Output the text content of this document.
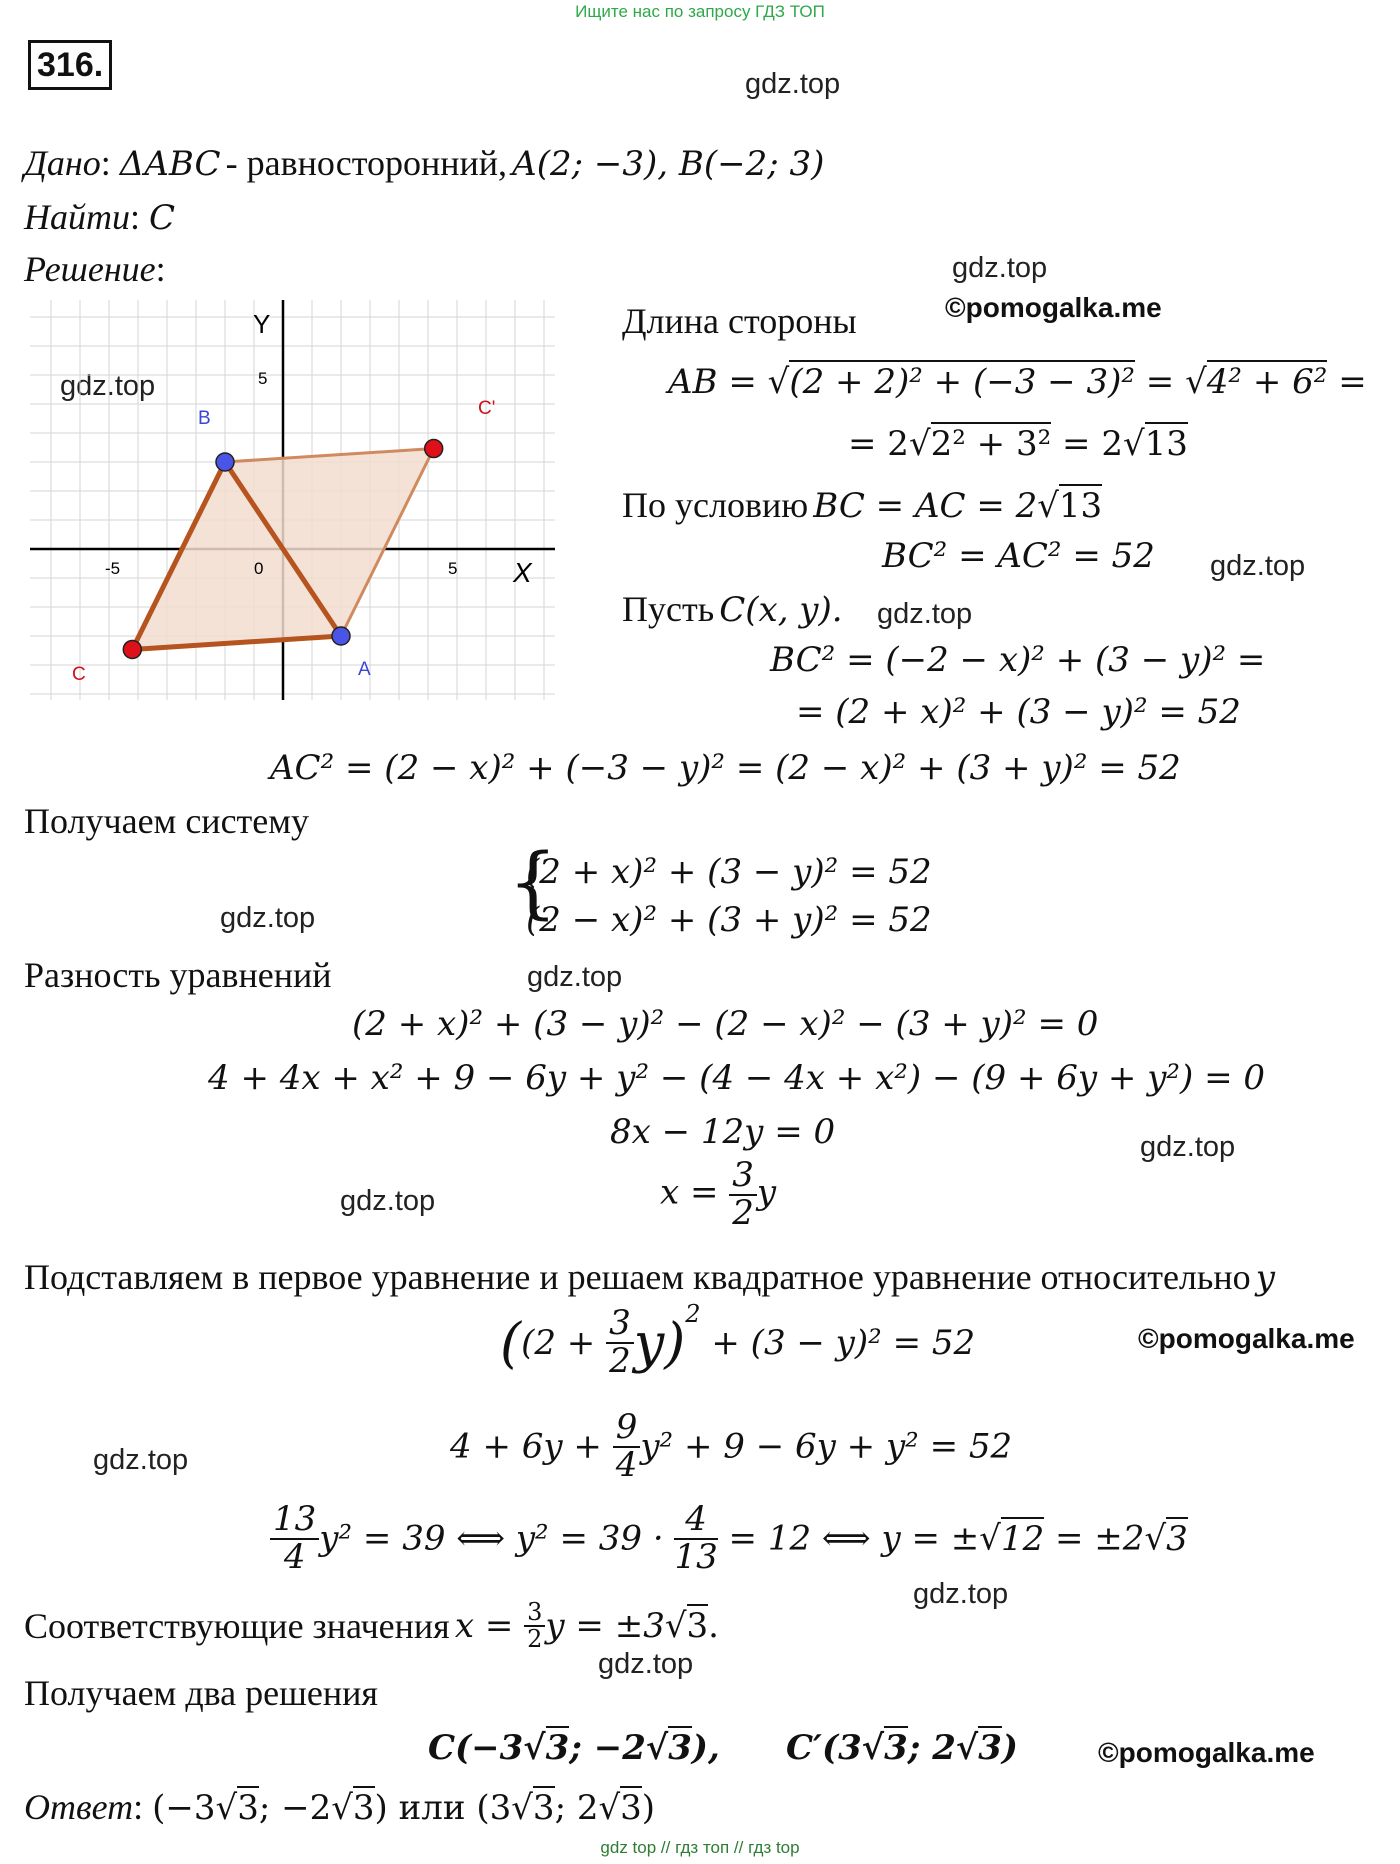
Ищите нас по запросу ГДЗ ТОП
316.	gdz.top
gdz.top
gdz.top
gdz.top
gdz.top
gdz.top
gdz.top
gdz.top
gdz.top
gdz.top
gdz.top
gdz.top
©pomogalka.me
©pomogalka.me
©pomogalka.me
Дано: ΔABC - равносторонний, A(2; −3), B(−2; 3)
Найти: C
Решение:
Y
X
-5	0	5
5
B	C'
C	A
Длина стороны
AB = √(2 + 2)² + (−3 − 3)² = √4² + 6² =
= 2√2² + 3² = 2√13
По условию BC = AC = 2√13
BC² = AC² = 52
Пусть C(x, y).
BC² = (−2 − x)² + (3 − y)² =
= (2 + x)² + (3 − y)² = 52
AC² = (2 − x)² + (−3 − y)² = (2 − x)² + (3 + y)² = 52
Получаем систему
{
(2 + x)² + (3 − y)² = 52
(2 − x)² + (3 + y)² = 52
Разность уравнений
(2 + x)² + (3 − y)² − (2 − x)² − (3 + y)² = 0
4 + 4x + x² + 9 − 6y + y² − (4 − 4x + x²) − (9 + 6y + y²) = 0
8x − 12y = 0
$x = \frac{3}{2}$ y
Подставляем в первое уравнение и решаем квадратное уравнение относительно y
($(2 + \frac{3}{2} y)^2 + (3 - y)^2 = 52$
$4 + 6y + \frac{9}{4} y^2 + 9 - 6y + y^2 = 52$
$\frac{13}{4} y^2 = 39$ ⟺ $y^2 = 39 \cdot \frac{4}{13} = 12$ ⟺ y = ±√12 = ±2√3
Соответствующие значения $x = \frac{3}{2}$ y = ±3√3.
Получаем два решения
C(−3√3; −2√3), C′(3√3; 2√3)
Ответ: (−3√3; −2√3) или (3√3; 2√3)
gdz top // гдз топ // гдз top
